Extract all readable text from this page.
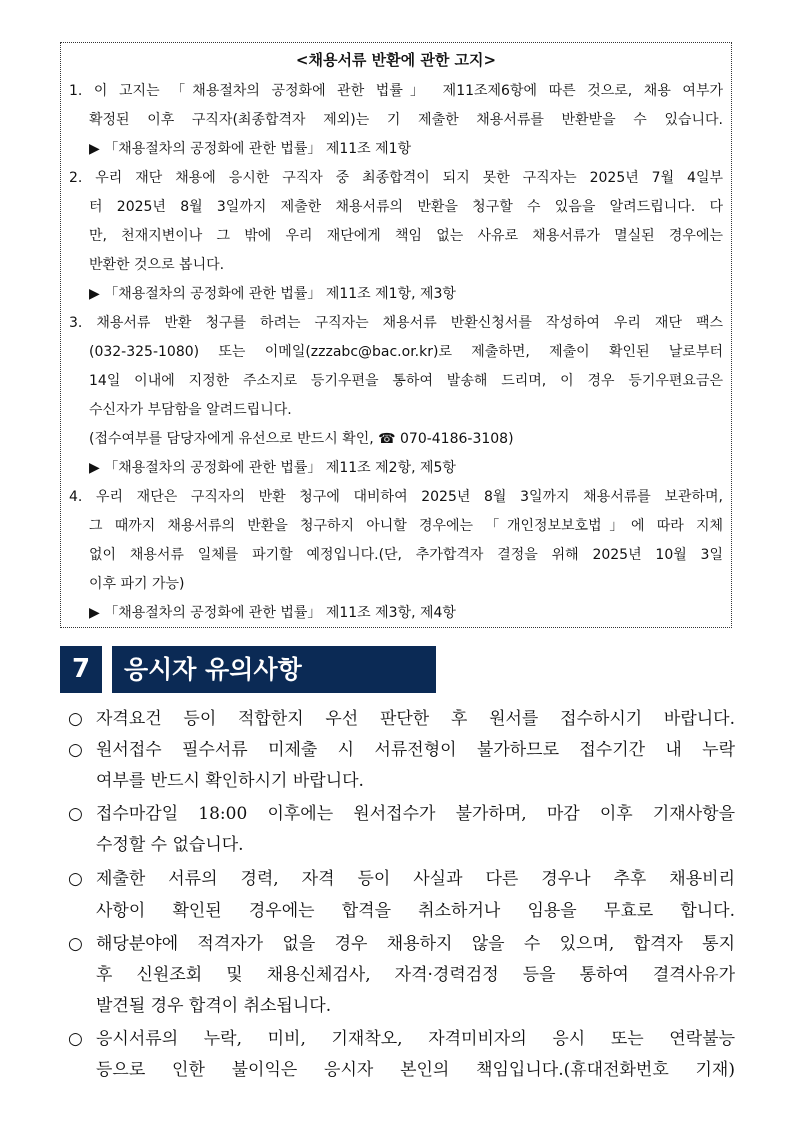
<채용서류 반환에 관한 고지>
1. 이 고지는 「채용절차의 공정화에 관한 법률」 제11조제6항에 따른 것으로, 채용 여부가
확정된 이후 구직자(최종합격자 제외)는 기 제출한 채용서류를 반환받을 수 있습니다.
▶ 「채용절차의 공정화에 관한 법률」 제11조 제1항
2. 우리 재단 채용에 응시한 구직자 중 최종합격이 되지 못한 구직자는 2025년 7월 4일부
터 2025년 8월 3일까지 제출한 채용서류의 반환을 청구할 수 있음을 알려드립니다. 다
만, 천재지변이나 그 밖에 우리 재단에게 책임 없는 사유로 채용서류가 멸실된 경우에는
반환한 것으로 봅니다.
▶ 「채용절차의 공정화에 관한 법률」 제11조 제1항, 제3항
3. 채용서류 반환 청구를 하려는 구직자는 채용서류 반환신청서를 작성하여 우리 재단 팩스
(032-325-1080) 또는 이메일(zzzabc@bac.or.kr)로 제출하면, 제출이 확인된 날로부터
14일 이내에 지정한 주소지로 등기우편을 통하여 발송해 드리며, 이 경우 등기우편요금은
수신자가 부담함을 알려드립니다.
(접수여부를 담당자에게 유선으로 반드시 확인, ☎ 070-4186-3108)
▶ 「채용절차의 공정화에 관한 법률」 제11조 제2항, 제5항
4. 우리 재단은 구직자의 반환 청구에 대비하여 2025년 8월 3일까지 채용서류를 보관하며,
그 때까지 채용서류의 반환을 청구하지 아니할 경우에는 「개인정보보호법」에 따라 지체
없이 채용서류 일체를 파기할 예정입니다.(단, 추가합격자 결정을 위해 2025년 10월 3일
이후 파기 가능)
▶ 「채용절차의 공정화에 관한 법률」 제11조 제3항, 제4항
7	응시자 유의사항
○ 자격요건 등이 적합한지 우선 판단한 후 원서를 접수하시기 바랍니다.
○ 원서접수 필수서류 미제출 시 서류전형이 불가하므로 접수기간 내 누락
여부를 반드시 확인하시기 바랍니다.
○ 접수마감일 18:00 이후에는 원서접수가 불가하며, 마감 이후 기재사항을
수정할 수 없습니다.
○ 제출한 서류의 경력, 자격 등이 사실과 다른 경우나 추후 채용비리
사항이 확인된 경우에는 합격을 취소하거나 임용을 무효로 합니다.
○ 해당분야에 적격자가 없을 경우 채용하지 않을 수 있으며, 합격자 통지
후 신원조회 및 채용신체검사, 자격·경력검정 등을 통하여 결격사유가
발견될 경우 합격이 취소됩니다.
○ 응시서류의 누락, 미비, 기재착오, 자격미비자의 응시 또는 연락불능
등으로 인한 불이익은 응시자 본인의 책임입니다.(휴대전화번호 기재)
